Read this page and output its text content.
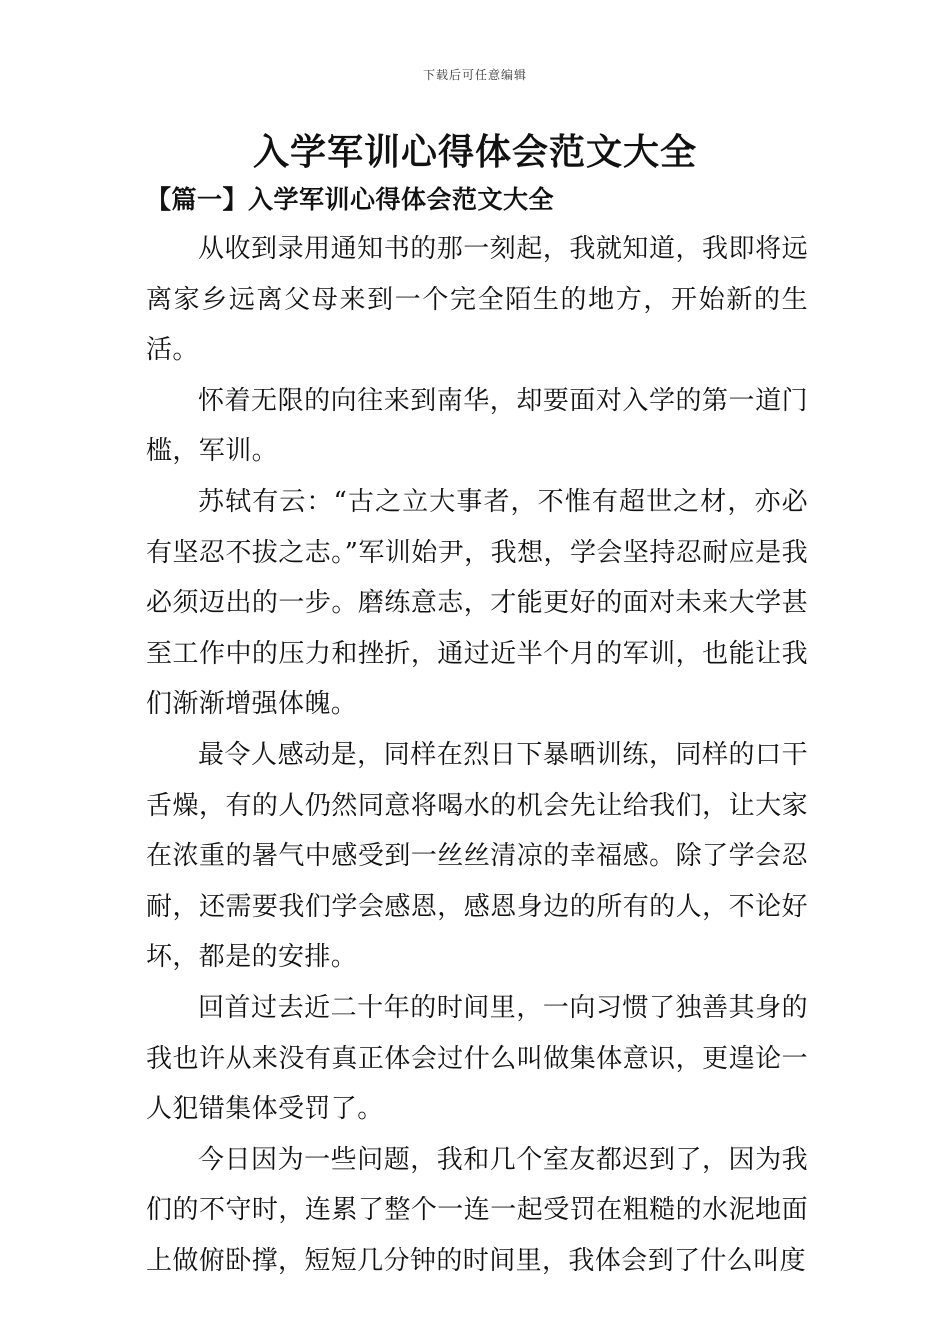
下载后可任意编辑
入学军训心得体会范文大全
【篇一】入学军训心得体会范文大全

从收到录用通知书的那一刻起，我就知道，我即将远离家乡远离父母来到一个完全陌生的地方，开始新的生活。

怀着无限的向往来到南华，却要面对入学的第一道门槛，军训。

苏轼有云：“古之立大事者，不惟有超世之材，亦必有坚忍不拔之志。”军训始尹，我想，学会坚持忍耐应是我必须迈出的一步。磨练意志，才能更好的面对未来大学甚至工作中的压力和挫折，通过近半个月的军训，也能让我们渐渐增强体魄。

最令人感动是，同样在烈日下暴晒训练，同样的口干舌燥，有的人仍然同意将喝水的机会先让给我们，让大家在浓重的暑气中感受到一丝丝清凉的幸福感。除了学会忍耐，还需要我们学会感恩，感恩身边的所有的人，不论好坏，都是的安排。

回首过去近二十年的时间里，一向习惯了独善其身的我也许从来没有真正体会过什么叫做集体意识，更遑论一人犯错集体受罚了。

今日因为一些问题，我和几个室友都迟到了，因为我们的不守时，连累了整个一连一起受罚在粗糙的水泥地面上做俯卧撑，短短几分钟的时间里，我体会到了什么叫度
